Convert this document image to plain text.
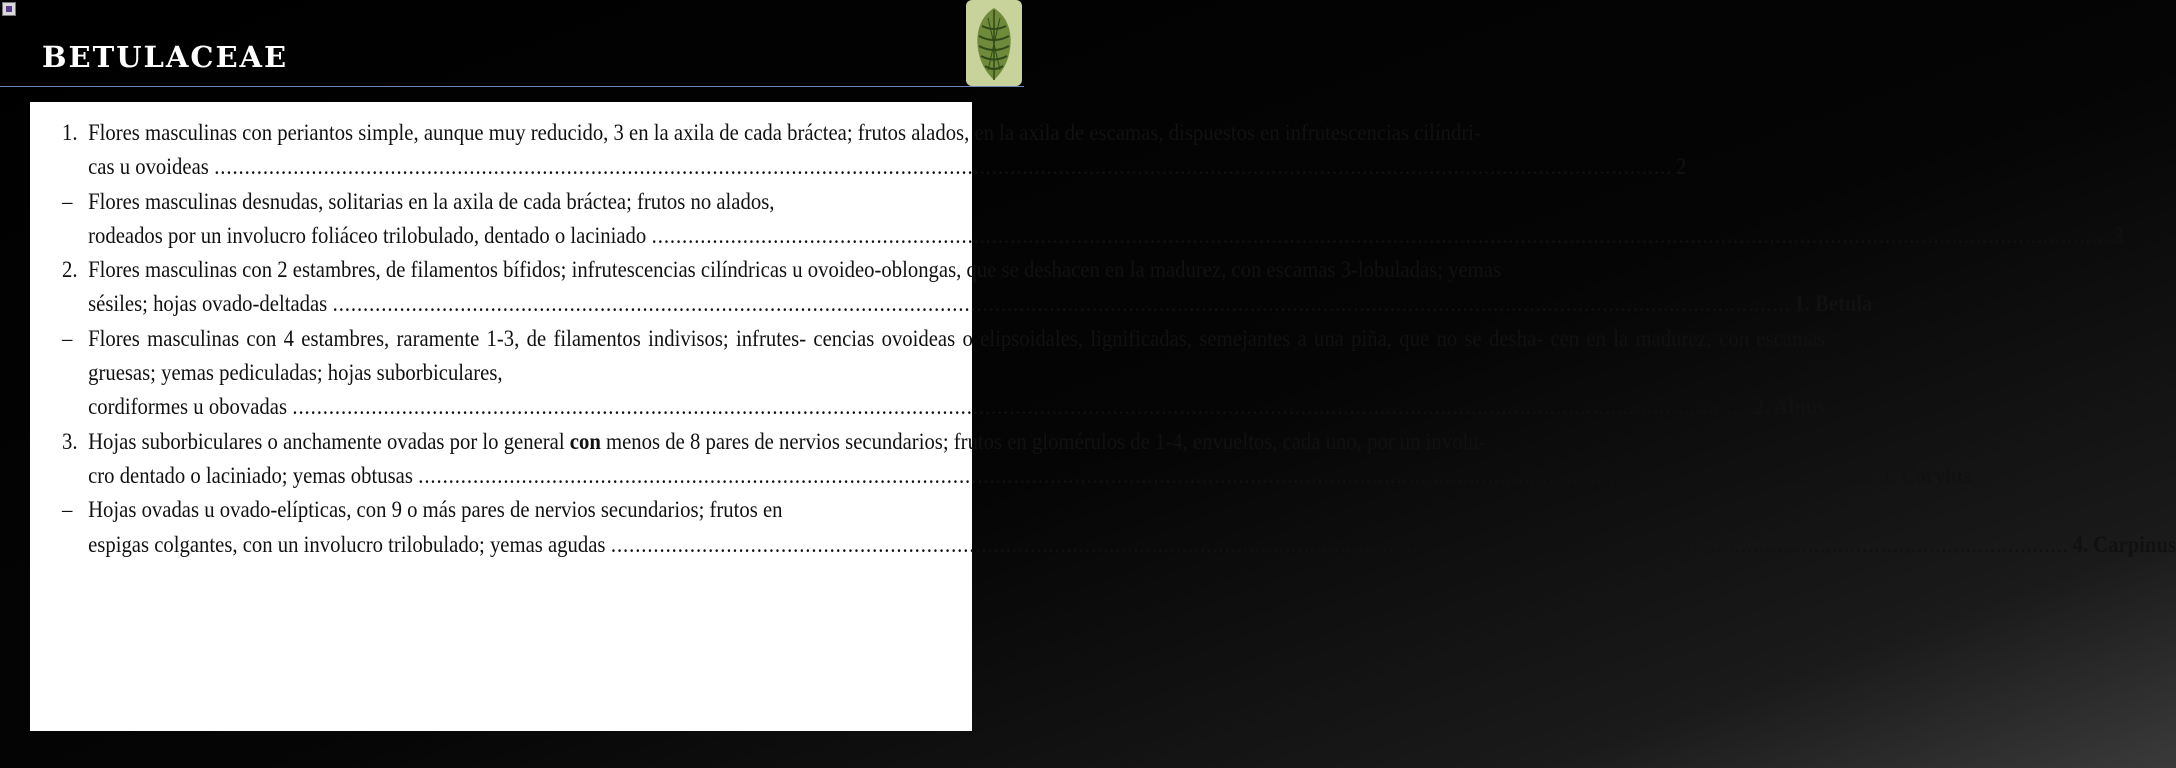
BETULACEAE
1. Flores masculinas con periantos simple, aunque muy reducido, 3 en la axila de cada bráctea; frutos alados, en la axila de escamas, dispuestos en infrutescencias cilíndri-
cas u ovoideas .....	2
– Flores masculinas desnudas, solitarias en la axila de cada bráctea; frutos no alados,
rodeados por un involucro foliáceo trilobulado, dentado o laciniado .....	3
2. Flores masculinas con 2 estambres, de filamentos bífidos; infrutescencias cilíndricas u ovoideo-oblongas, que se deshacen en la madurez, con escamas 3-lobuladas; yemas
sésiles; hojas ovado-deltadas .....	1. Betula
– Flores masculinas con 4 estambres, raramente 1-3, de filamentos indivisos; infrutes- cencias ovoideas o elipsoidales, lignificadas, semejantes a una piña, que no se desha- cen en la madurez, con escamas gruesas; yemas pediculadas; hojas suborbiculares,
cordiformes u obovadas .....	2. Alnus
3. Hojas suborbiculares o anchamente ovadas por lo general con menos de 8 pares de nervios secundarios; frutos en glomérulos de 1-4, envueltos, cada uno, por un involu-
cro dentado o laciniado; yemas obtusas .....	3. Corylus
– Hojas ovadas u ovado-elípticas, con 9 o más pares de nervios secundarios; frutos en
espigas colgantes, con un involucro trilobulado; yemas agudas .....	4. Carpinus
